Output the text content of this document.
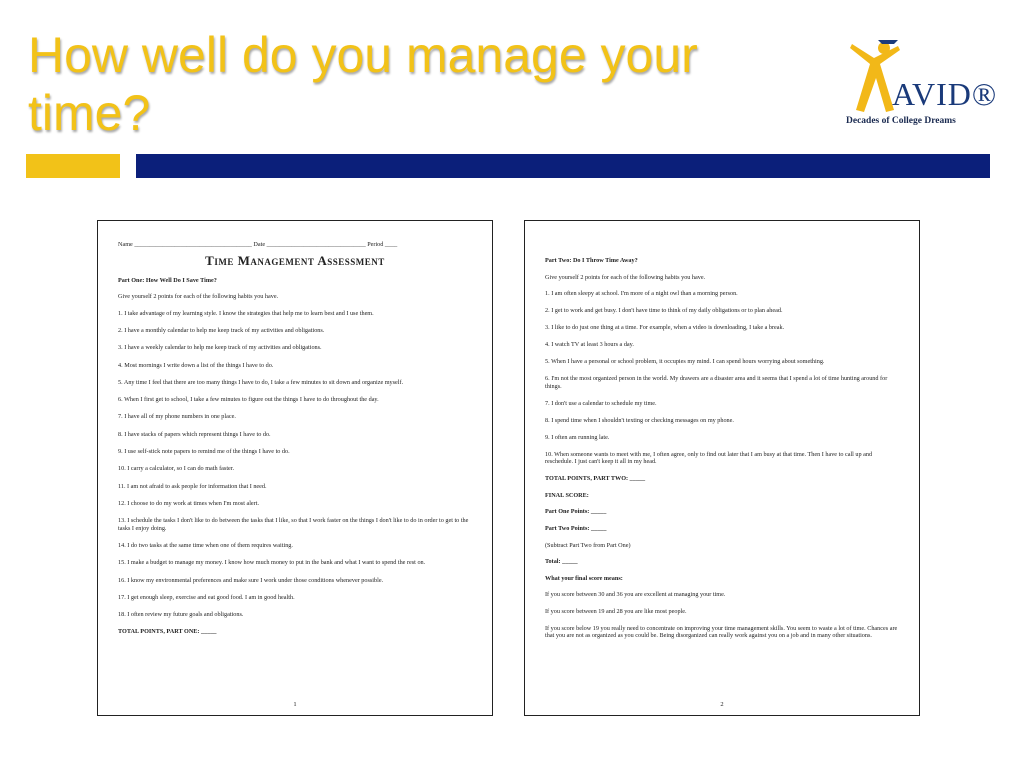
How well do you manage your time?	AVID®
Decades of College Dreams
Name ______________________________________ Date ________________________________ Period ____
Time Management Assessment
Part One: How Well Do I Save Time?
Give yourself 2 points for each of the following habits you have.
1. I take advantage of my learning style. I know the strategies that help me to learn best and I use them.
2. I have a monthly calendar to help me keep track of my activities and obligations.
3. I have a weekly calendar to help me keep track of my activities and obligations.
4. Most mornings I write down a list of the things I have to do.
5. Any time I feel that there are too many things I have to do, I take a few minutes to sit down and organize myself.
6. When I first get to school, I take a few minutes to figure out the things I have to do throughout the day.
7. I have all of my phone numbers in one place.
8. I have stacks of papers which represent things I have to do.
9. I use self-stick note papers to remind me of the things I have to do.
10. I carry a calculator, so I can do math faster.
11. I am not afraid to ask people for information that I need.
12. I choose to do my work at times when I'm most alert.
13. I schedule the tasks I don't like to do between the tasks that I like, so that I work faster on the things I don't like to do in order to get to the tasks I enjoy doing.
14. I do two tasks at the same time when one of them requires waiting.
15. I make a budget to manage my money. I know how much money to put in the bank and what I want to spend the rest on.
16. I know my environmental preferences and make sure I work under those conditions whenever possible.
17. I get enough sleep, exercise and eat good food. I am in good health.
18. I often review my future goals and obligations.
TOTAL POINTS, PART ONE: _____
1
Part Two: Do I Throw Time Away?
Give yourself 2 points for each of the following habits you have.
1. I am often sleepy at school. I'm more of a night owl than a morning person.
2. I get to work and get busy. I don't have time to think of my daily obligations or to plan ahead.
3. I like to do just one thing at a time. For example, when a video is downloading, I take a break.
4. I watch TV at least 3 hours a day.
5. When I have a personal or school problem, it occupies my mind. I can spend hours worrying about something.
6. I'm not the most organized person in the world. My drawers are a disaster area and it seems that I spend a lot of time hunting around for things.
7. I don't use a calendar to schedule my time.
8. I spend time when I shouldn't texting or checking messages on my phone.
9. I often am running late.
10. When someone wants to meet with me, I often agree, only to find out later that I am busy at that time. Then I have to call up and reschedule. I just can't keep it all in my head.
TOTAL POINTS, PART TWO: _____
FINAL SCORE:
Part One Points: _____
Part Two Points: _____
(Subtract Part Two from Part One)
Total: _____
What your final score means:
If you score between 30 and 36 you are excellent at managing your time.
If you score between 19 and 28 you are like most people.
If you score below 19 you really need to concentrate on improving your time management skills. You seem to waste a lot of time. Chances are that you are not as organized as you could be. Being disorganized can really work against you on a job and in many other situations.
2
